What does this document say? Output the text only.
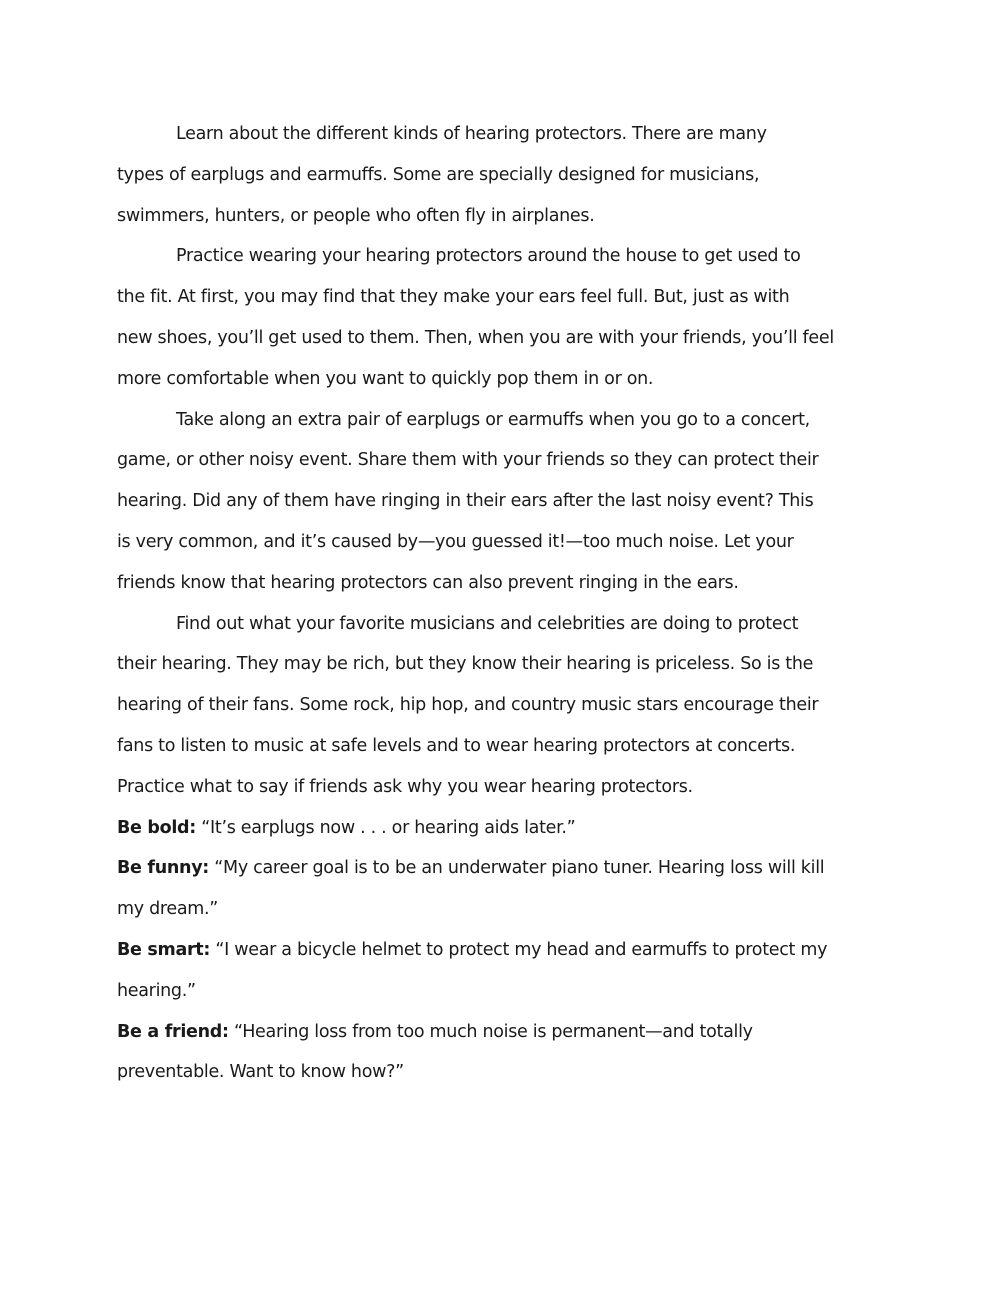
Learn about the different kinds of hearing protectors. There are many
types of earplugs and earmuffs. Some are specially designed for musicians,
swimmers, hunters, or people who often fly in airplanes.
Practice wearing your hearing protectors around the house to get used to
the fit. At first, you may find that they make your ears feel full. But, just as with
new shoes, you’ll get used to them. Then, when you are with your friends, you’ll feel
more comfortable when you want to quickly pop them in or on.
Take along an extra pair of earplugs or earmuffs when you go to a concert,
game, or other noisy event. Share them with your friends so they can protect their
hearing. Did any of them have ringing in their ears after the last noisy event? This
is very common, and it’s caused by—you guessed it!—too much noise. Let your
friends know that hearing protectors can also prevent ringing in the ears.
Find out what your favorite musicians and celebrities are doing to protect
their hearing. They may be rich, but they know their hearing is priceless. So is the
hearing of their fans. Some rock, hip hop, and country music stars encourage their
fans to listen to music at safe levels and to wear hearing protectors at concerts.
Practice what to say if friends ask why you wear hearing protectors.
Be bold: “It’s earplugs now . . . or hearing aids later.”
Be funny: “My career goal is to be an underwater piano tuner. Hearing loss will kill
my dream.”
Be smart: “I wear a bicycle helmet to protect my head and earmuffs to protect my
hearing.”
Be a friend: “Hearing loss from too much noise is permanent—and totally
preventable. Want to know how?”
